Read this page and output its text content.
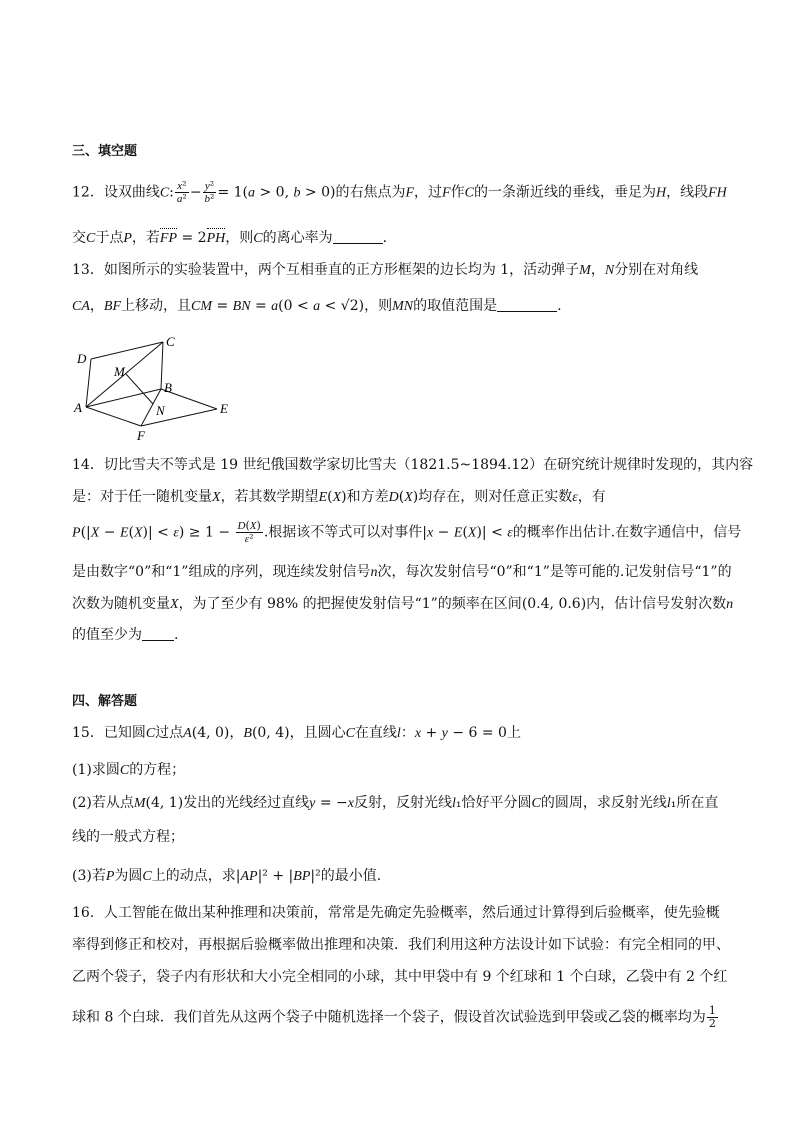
三、填空题
12．设双曲线C: $\frac{\text{x²}}{\text{a²}} - \frac{\text{y²}}{\text{b²}} = 1(a > 0$, b > 0)的右焦点为F，过F作C的一条渐近线的垂线，垂足为H，线段FH
交C于点P，若FP = 2PH，则C的离心率为	.
13．如图所示的实验装置中，两个互相垂直的正方形框架的边长均为 1，活动弹子M，N分别在对角线
CA，BF上移动，且CM = BN = a(0 < a < √2)，则MN的取值范围是	.
D
C
M
B
A	N	E
F
14．切比雪夫不等式是 19 世纪俄国数学家切比雪夫（1821.5~1894.12）在研究统计规律时发现的，其内容
是：对于任一随机变量X，若其数学期望E(X)和方差D(X)均存在，则对任意正实数ε，有
$P(|X - E(X)| < \varepsilon) \ge 1 - \frac{D(X)}{\text{ε²}}$ .根据该不等式可以对事件|x − E(X)| < ε的概率作出估计.在数字通信中，信号
是由数字“0”和“1”组成的序列，现连续发射信号n次，每次发射信号“0”和“1”是等可能的.记发射信号“1”的
次数为随机变量X，为了至少有 98% 的把握使发射信号“1”的频率在区间(0.4, 0.6)内，估计信号发射次数n
的值至少为 .
四、解答题
15．已知圆C过点A(4, 0)，B(0, 4)，且圆心C在直线l：x + y − 6 = 0上
(1)求圆C的方程；
(2)若从点M(4, 1)发出的光线经过直线y = −x反射，反射光线l₁恰好平分圆C的圆周，求反射光线l₁所在直
线的一般式方程；
(3)若P为圆C上的动点，求|AP|² + |BP|²的最小值.
16．人工智能在做出某种推理和决策前，常常是先确定先验概率，然后通过计算得到后验概率，使先验概
率得到修正和校对，再根据后验概率做出推理和决策．我们利用这种方法设计如下试验：有完全相同的甲、
乙两个袋子，袋子内有形状和大小完全相同的小球，其中甲袋中有 9 个红球和 1 个白球，乙袋中有 2 个红
球和 8 个白球．我们首先从这两个袋子中随机选择一个袋子，假设首次试验选到甲袋或乙袋的概率均为 $\frac{1}{2}$
